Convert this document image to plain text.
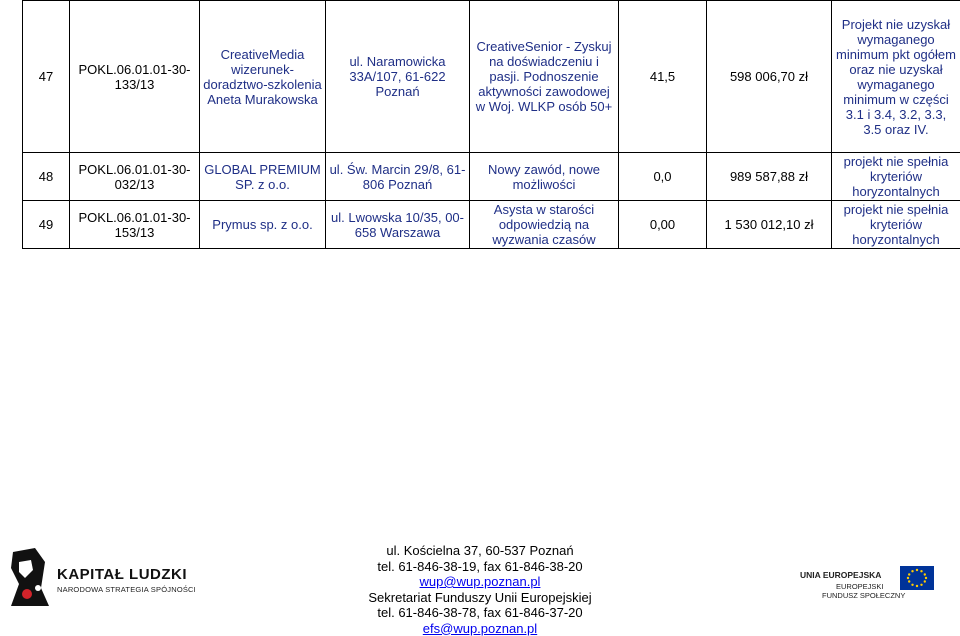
47	POKL.06.01.01-30-133/13	CreativeMedia wizerunek-doradztwo-szkolenia Aneta Murakowska	ul. Naramowicka 33A/107, 61-622 Poznań	CreativeSenior - Zyskuj na doświadczeniu i pasji. Podnoszenie aktywności zawodowej w Woj. WLKP osób 50+	41,5	598 006,70 zł	Projekt nie uzyskał wymaganego minimum pkt ogółem oraz nie uzyskał wymaganego minimum w części 3.1 i 3.4, 3.2, 3.3, 3.5 oraz IV.
48	POKL.06.01.01-30-032/13	GLOBAL PREMIUM SP. z o.o.	ul. Św. Marcin 29/8, 61-806 Poznań	Nowy zawód, nowe możliwości	0,0	989 587,88 zł	projekt nie spełnia kryteriów horyzontalnych
49	POKL.06.01.01-30-153/13	Prymus sp. z o.o.	ul. Lwowska 10/35, 00-658 Warszawa	Asysta w starości odpowiedzią na wyzwania czasów	0,00	1 530 012,10 zł	projekt nie spełnia kryteriów horyzontalnych
KAPITAŁ LUDZKI
NARODOWA STRATEGIA SPÓJNOŚCI
ul. Kościelna 37, 60-537 Poznań
tel. 61-846-38-19, fax 61-846-38-20
wup@wup.poznan.pl
Sekretariat Funduszy Unii Europejskiej
tel. 61-846-38-78, fax 61-846-37-20
efs@wup.poznan.pl
UNIA EUROPEJSKA
EUROPEJSKI
FUNDUSZ SPOŁECZNY
